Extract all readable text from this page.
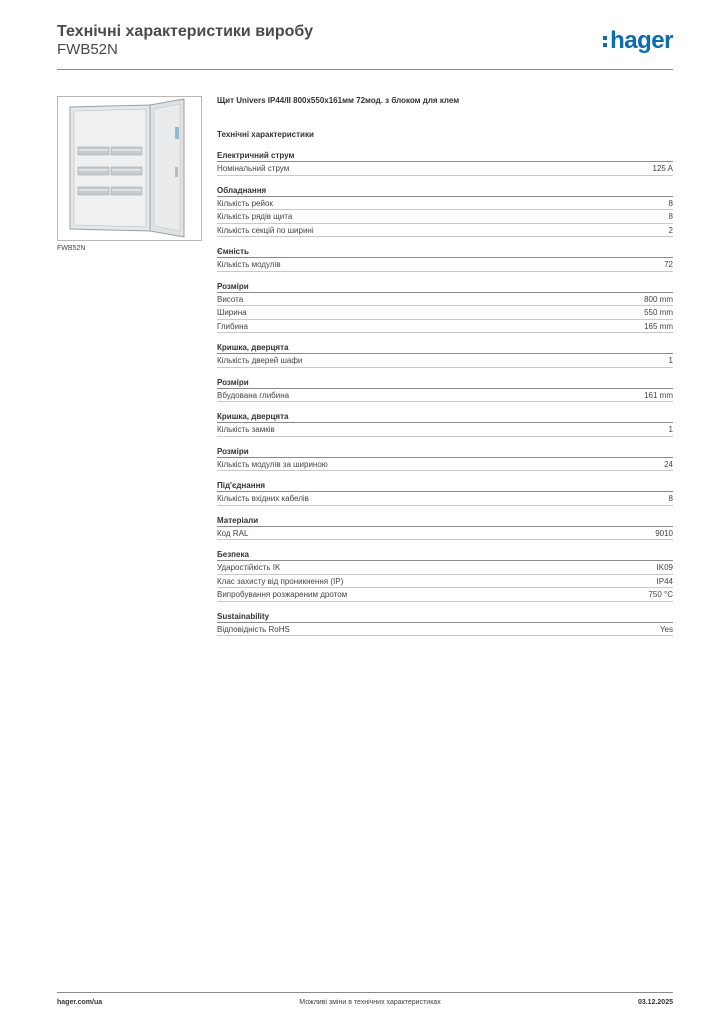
Технічні характеристики виробу
FWB52N	hager
FWB52N
Щит Univers IP44/II 800x550x161мм 72мод. з блоком для клем
Технічні характеристики
Електричний струм
Номінальний струм	125 A
Обладнання
Кількість рейок	8
Кількість рядів щита	8
Кількість секцій по ширині	2
Ємність
Кількість модулів	72
Розміри
Висота	800 mm
Ширина	550 mm
Глибина	165 mm
Кришка, дверцята
Кількість дверей шафи	1
Розміри
Вбудована глибина	161 mm
Кришка, дверцята
Кількість замків	1
Розміри
Кількість модулів за шириною	24
Під'єднання
Кількість вхідних кабелів	8
Матеріали
Код RAL	9010
Безпека
Ударостійкість IK	IK09
Клас захисту від проникнення (IP)	IP44
Випробування розжареним дротом	750 °C
Sustainability
Відповідність RoHS	Yes
hager.com/ua	Можливі зміни в технічних характеристиках	03.12.2025
